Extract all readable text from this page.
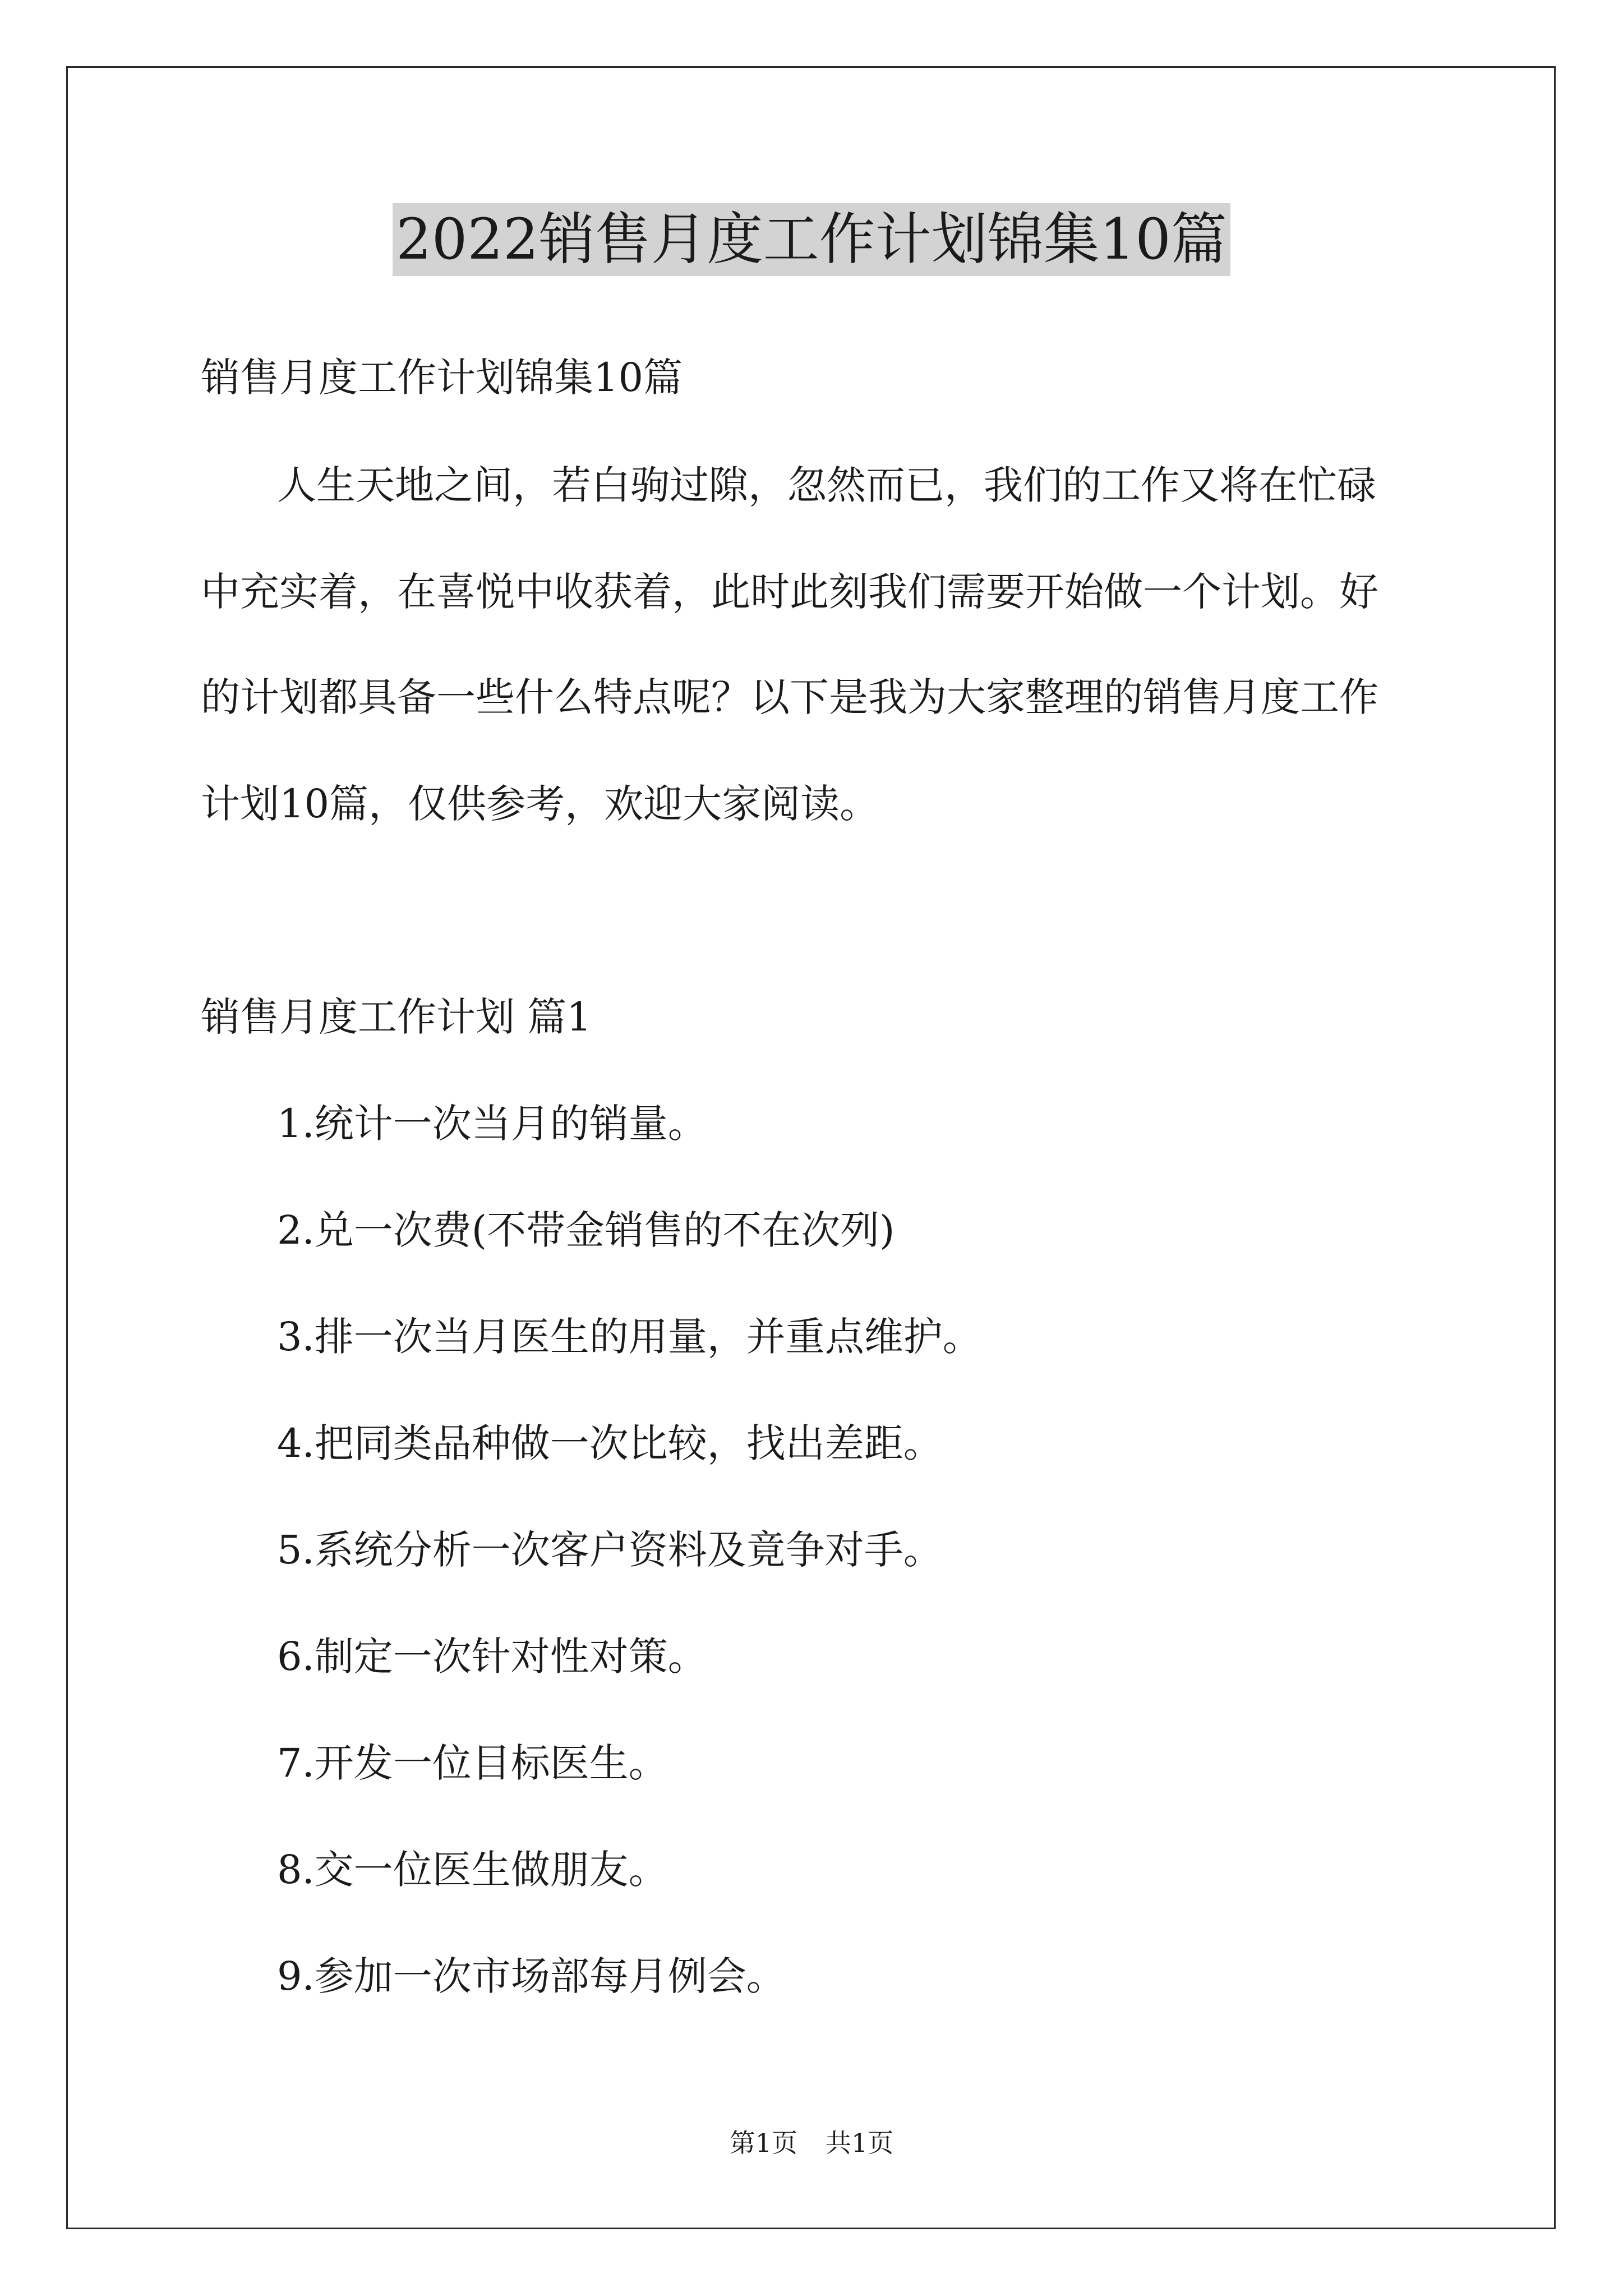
2022销售月度工作计划锦集10篇

销售月度工作计划锦集10篇

人生天地之间，若白驹过隙，忽然而已，我们的工作又将在忙碌

中充实着，在喜悦中收获着，此时此刻我们需要开始做一个计划。好

的计划都具备一些什么特点呢？以下是我为大家整理的销售月度工作

计划10篇，仅供参考，欢迎大家阅读。

销售月度工作计划 篇1

1.统计一次当月的销量。

2.兑一次费(不带金销售的不在次列)

3.排一次当月医生的用量，并重点维护。

4.把同类品种做一次比较，找出差距。

5.系统分析一次客户资料及竟争对手。

6.制定一次针对性对策。

7.开发一位目标医生。

8.交一位医生做朋友。

9.参加一次市场部每月例会。

第1页 共1页
